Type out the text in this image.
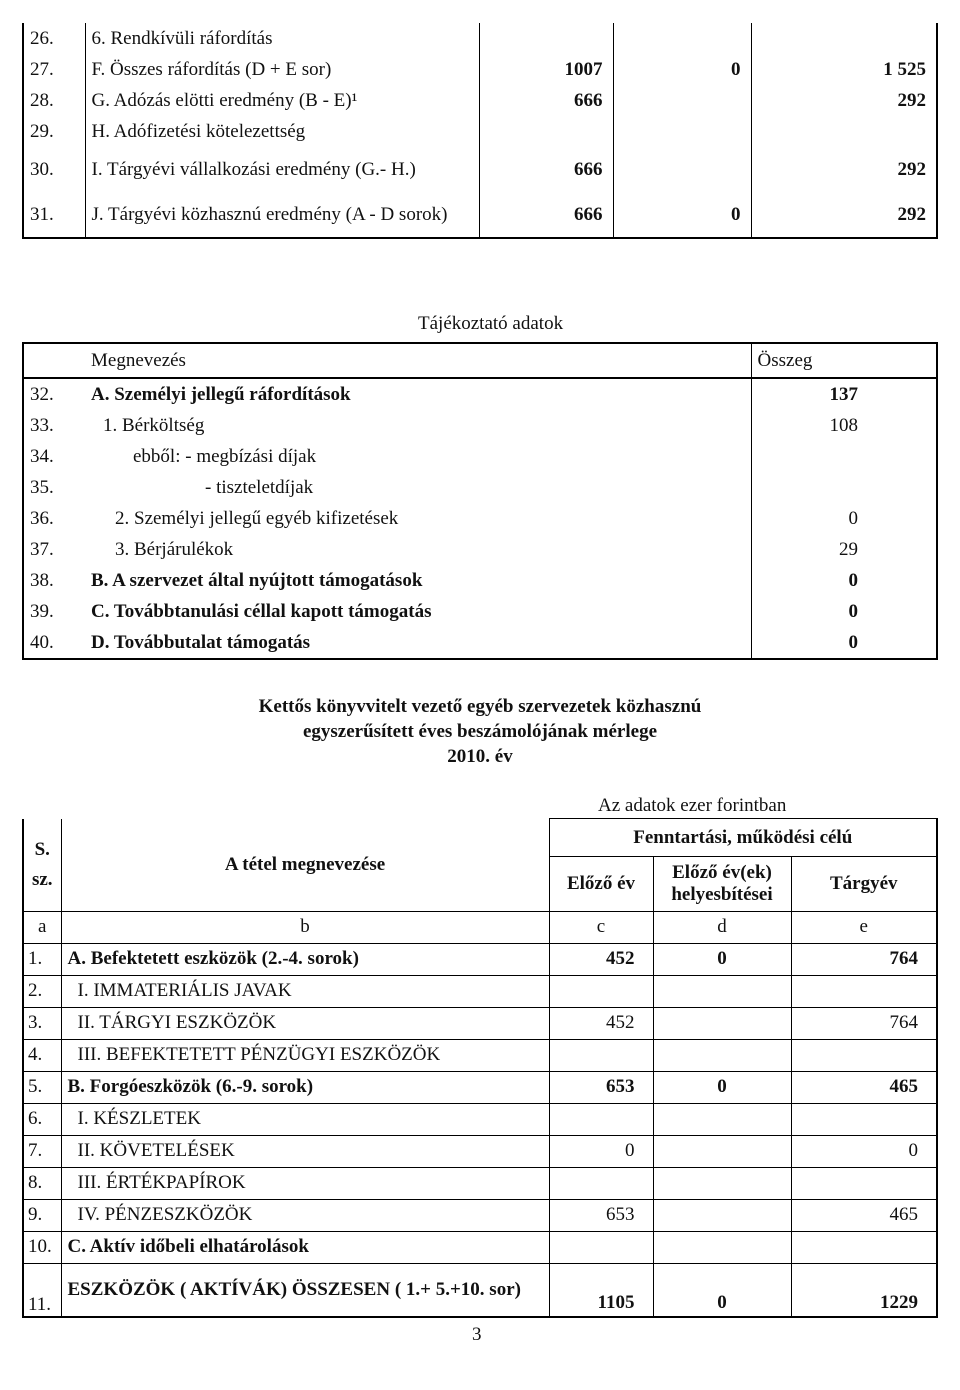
26.	6. Rendkívüli ráfordítás			
27.	F. Összes ráfordítás (D + E sor)	1007	0	1 525
28.	G. Adózás elötti eredmény (B - E)¹	666		292
29.	H. Adófizetési kötelezettség			
30.	I. Tárgyévi vállalkozási eredmény (G.- H.)	666		292
31.	J. Tárgyévi közhasznú eredmény (A - D sorok)	666	0	292
Tájékoztató adatok
	Megnevezés	Összeg
32.	A. Személyi jellegű ráfordítások	137
33.	1. Bérköltség	108
34.	ebből: - megbízási díjak	
35.	- tiszteletdíjak	
36.	2. Személyi jellegű egyéb kifizetések	0
37.	3. Bérjárulékok	29
38.	B. A szervezet által nyújtott támogatások	0
39.	C. Továbbtanulási céllal kapott támogatás	0
40.	D. Továbbutalat támogatás	0
Kettős könyvvitelt vezető egyéb szervezetek közhasznú
egyszerűsített éves beszámolójának mérlege
2010. év
Az adatok ezer forintban
S. sz.	A tétel megnevezése	Fenntartási, működési célú		
		Előző év	Előző év(ek) helyesbítései	Tárgyév
a	b	c	d	e
1.	A. Befektetett eszközök (2.-4. sorok)	452	0	764
2.	I. IMMATERIÁLIS JAVAK			
3.	II. TÁRGYI ESZKÖZÖK	452		764
4.	III. BEFEKTETETT PÉNZÜGYI ESZKÖZÖK			
5.	B. Forgóeszközök (6.-9. sorok)	653	0	465
6.	I. KÉSZLETEK			
7.	II. KÖVETELÉSEK	0		0
8.	III. ÉRTÉKPAPÍROK			
9.	IV. PÉNZESZKÖZÖK	653		465
10.	C. Aktív időbeli elhatárolások			
11.	ESZKÖZÖK ( AKTÍVÁK) ÖSSZESEN ( 1.+ 5.+10. sor)	1105	0	1229
3
